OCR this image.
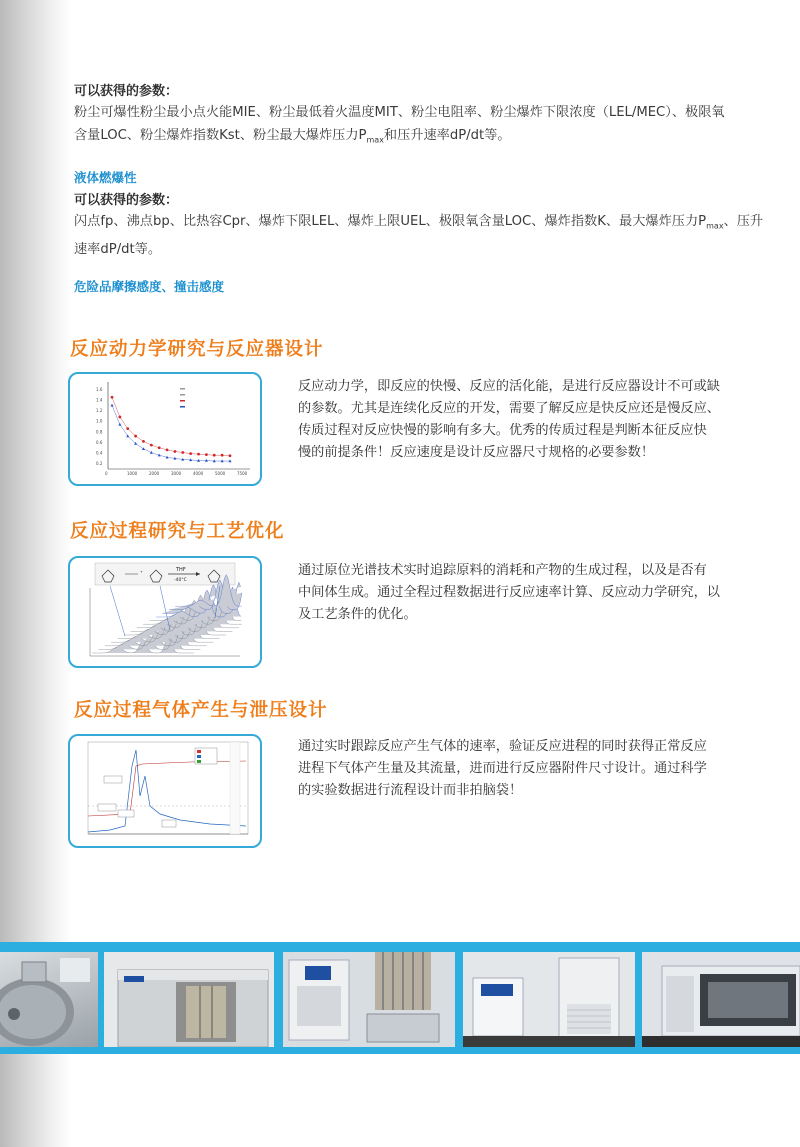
可以获得的参数：
粉尘可爆性粉尘最小点火能MIE、粉尘最低着火温度MIT、粉尘电阻率、粉尘爆炸下限浓度（LEL/MEC）、极限氧
含量LOC、粉尘爆炸指数Kst、粉尘最大爆炸压力$P_{max}$和压升速率dP/dt等。
液体燃爆性
可以获得的参数：
闪点fp、沸点bp、比热容Cpr、爆炸下限LEL、爆炸上限UEL、极限氧含量LOC、爆炸指数K、最大爆炸压力$P_{max}$、压升
速率dP/dt等。
危险品摩擦感度、撞击感度
反应动力学研究与反应器设计
1.6
1.4
1.2
1.0
0.8
0.6
0.4
0.2
0	1000	2000	3000	4000	5000	7500
反应动力学，即反应的快慢、反应的活化能，是进行反应器设计不可或缺
的参数。尤其是连续化反应的开发，需要了解反应是快反应还是慢反应、
传质过程对反应快慢的影响有多大。优秀的传质过程是判断本征反应快
慢的前提条件！反应速度是设计反应器尺寸规格的必要参数！
反应过程研究与工艺优化
+	THF
-40°C
通过原位光谱技术实时追踪原料的消耗和产物的生成过程，以及是否有
中间体生成。通过全程过程数据进行反应速率计算、反应动力学研究，以
及工艺条件的优化。
反应过程气体产生与泄压设计
通过实时跟踪反应产生气体的速率，验证反应进程的同时获得正常反应
进程下气体产生量及其流量，进而进行反应器附件尺寸设计。通过科学
的实验数据进行流程设计而非拍脑袋！
